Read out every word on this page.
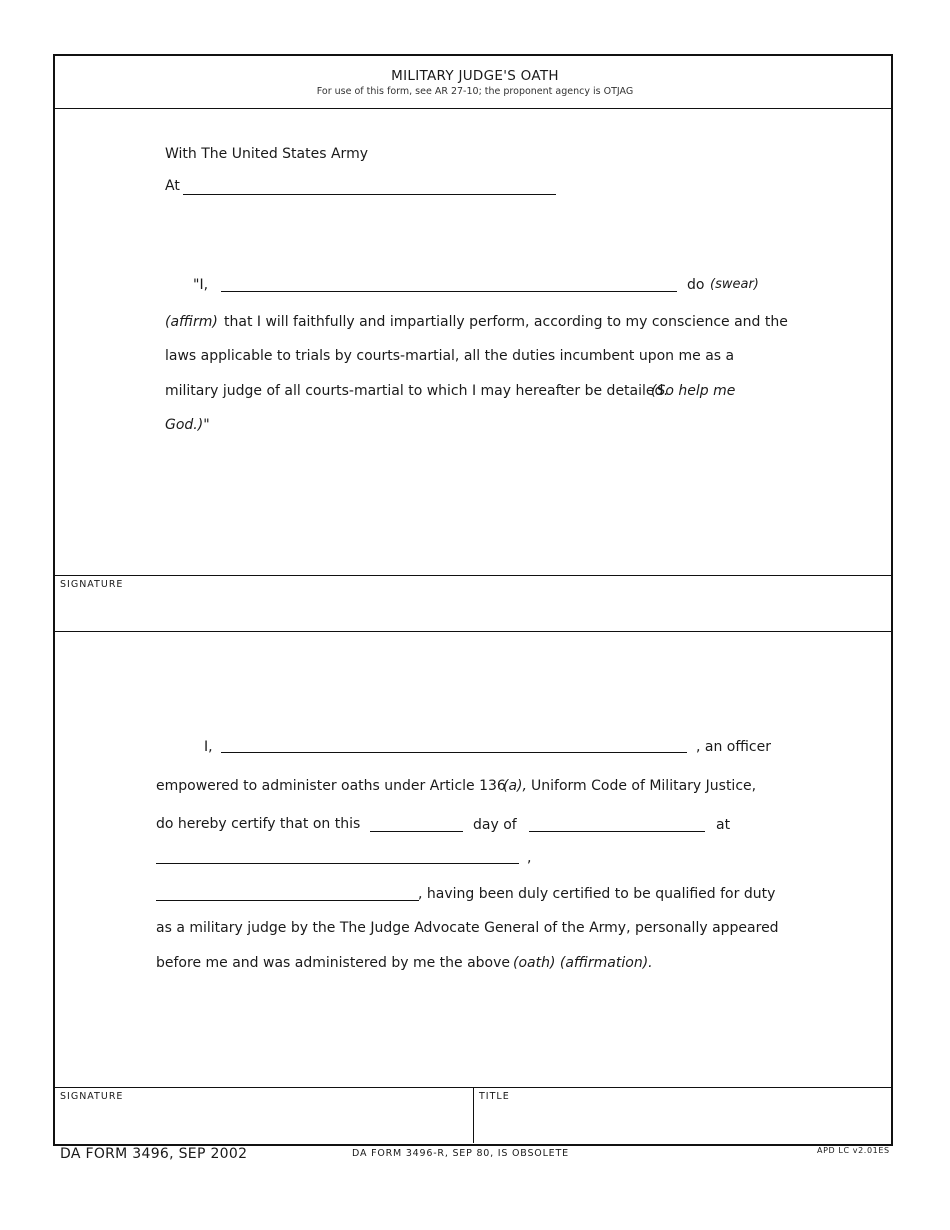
MILITARY JUDGE'S OATH
For use of this form, see AR 27-10; the proponent agency is OTJAG
With The United States Army
At
"I,	do (swear)
(affirm) that I will faithfully and impartially perform, according to my conscience and the
laws applicable to trials by courts-martial, all the duties incumbent upon me as a
military judge of all courts-martial to which I may hereafter be detailed.
(So help me
God.)"
SIGNATURE
I,	, an officer
empowered to administer oaths under Article 136
(a), Uniform Code of Military Justice,
do hereby certify that on this	day of	at
,
, having been duly certified to be qualified for duty
as a military judge by the The Judge Advocate General of the Army, personally appeared
before me and was administered by me the above (oath) (affirmation).
SIGNATURE	TITLE
DA FORM 3496, SEP 2002	DA FORM 3496-R, SEP 80, IS OBSOLETE	APD LC v2.01ES
